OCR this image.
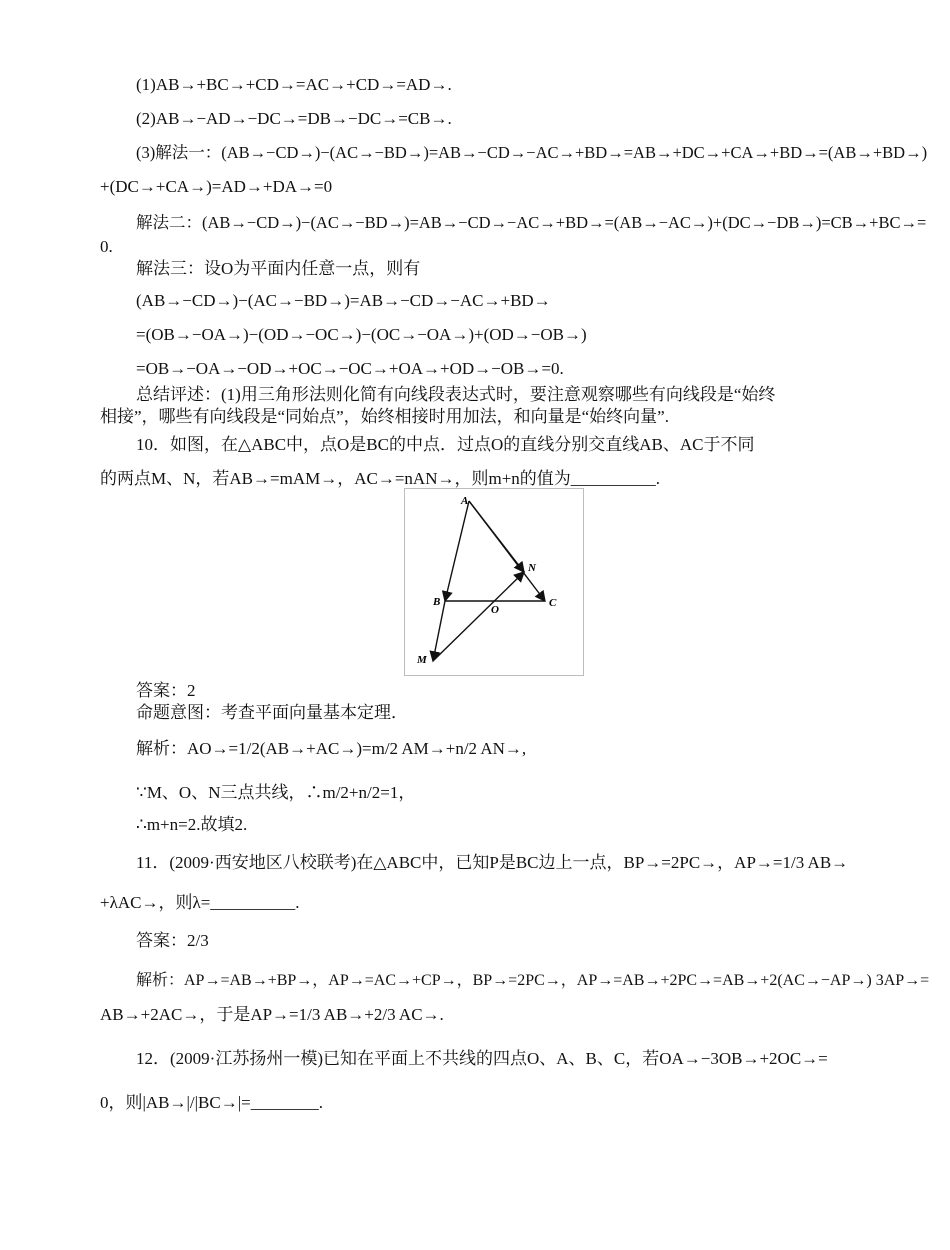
(1)AB→+BC→+CD→=AC→+CD→=AD→.
(2)AB→−AD→−DC→=DB→−DC→=CB→.
(3)解法一：(AB→−CD→)−(AC→−BD→)=AB→−CD→−AC→+BD→=AB→+DC→+CA→+BD→=(AB→+BD→)
+(DC→+CA→)=AD→+DA→=0
解法二：(AB→−CD→)−(AC→−BD→)=AB→−CD→−AC→+BD→=(AB→−AC→)+(DC→−DB→)=CB→+BC→=
0.
解法三：设O为平面内任意一点，则有
(AB→−CD→)−(AC→−BD→)=AB→−CD→−AC→+BD→
=(OB→−OA→)−(OD→−OC→)−(OC→−OA→)+(OD→−OB→)
=OB→−OA→−OD→+OC→−OC→+OA→+OD→−OB→=0.
总结评述：(1)用三角形法则化简有向线段表达式时，要注意观察哪些有向线段是“始终
相接”，哪些有向线段是“同始点”，始终相接时用加法，和向量是“始终向量”.
10．如图，在△ABC中，点O是BC的中点．过点O的直线分别交直线AB、AC于不同
的两点M、N，若AB→=mAM→，AC→=nAN→，则m+n的值为__________.
A
B	C
O
N
M
答案：2
命题意图：考查平面向量基本定理．
解析：AO→=1/2(AB→+AC→)=m/2 AM→+n/2 AN→,
∵M、O、N三点共线，∴m/2+n/2=1，
∴m+n=2.故填2.
11．(2009·西安地区八校联考)在△ABC中，已知P是BC边上一点，BP→=2PC→，AP→=1/3 AB→
+λAC→，则λ=__________.
答案：2/3
解析：AP→=AB→+BP→，AP→=AC→+CP→，BP→=2PC→，AP→=AB→+2PC→=AB→+2(AC→−AP→) 3AP→=
AB→+2AC→，于是AP→=1/3 AB→+2/3 AC→.
12．(2009·江苏扬州一模)已知在平面上不共线的四点O、A、B、C，若OA→−3OB→+2OC→=
0，则|AB→|/|BC→|=________.
